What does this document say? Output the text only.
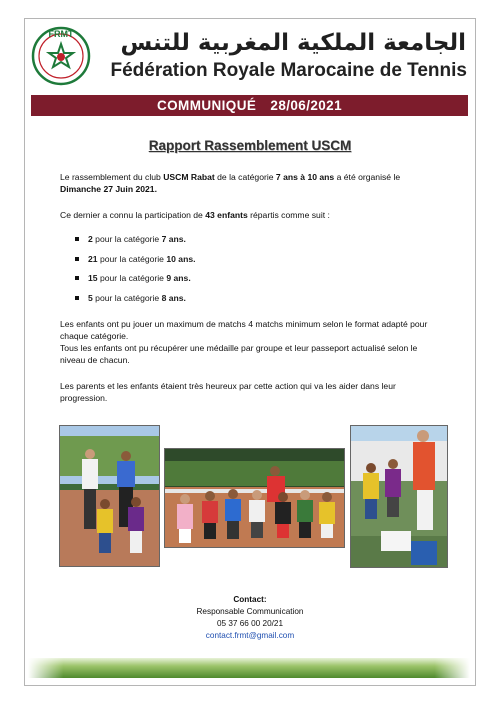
FRMT	الجامعة الملكية المغربية للتنس
Fédération Royale Marocaine de Tennis
COMMUNIQUÉ 28/06/2021
Rapport Rassemblement USCM
Le rassemblement du club USCM Rabat de la catégorie 7 ans à 10 ans a été organisé le Dimanche 27 Juin 2021.
Ce dernier a connu la participation de 43 enfants répartis comme suit :
2 pour la catégorie 7 ans.
21 pour la catégorie 10 ans.
15 pour la catégorie 9 ans.
5 pour la catégorie 8 ans.
Les enfants ont pu jouer un maximum de matchs 4 matchs minimum selon le format adapté pour chaque catégorie.
Tous les enfants ont pu récupérer une médaille par groupe et leur passeport actualisé selon le niveau de chacun.
Les parents et les enfants étaient très heureux par cette action qui va les aider dans leur progression.
Contact:
Responsable Communication
05 37 66 00 20/21
contact.frmt@gmail.com
